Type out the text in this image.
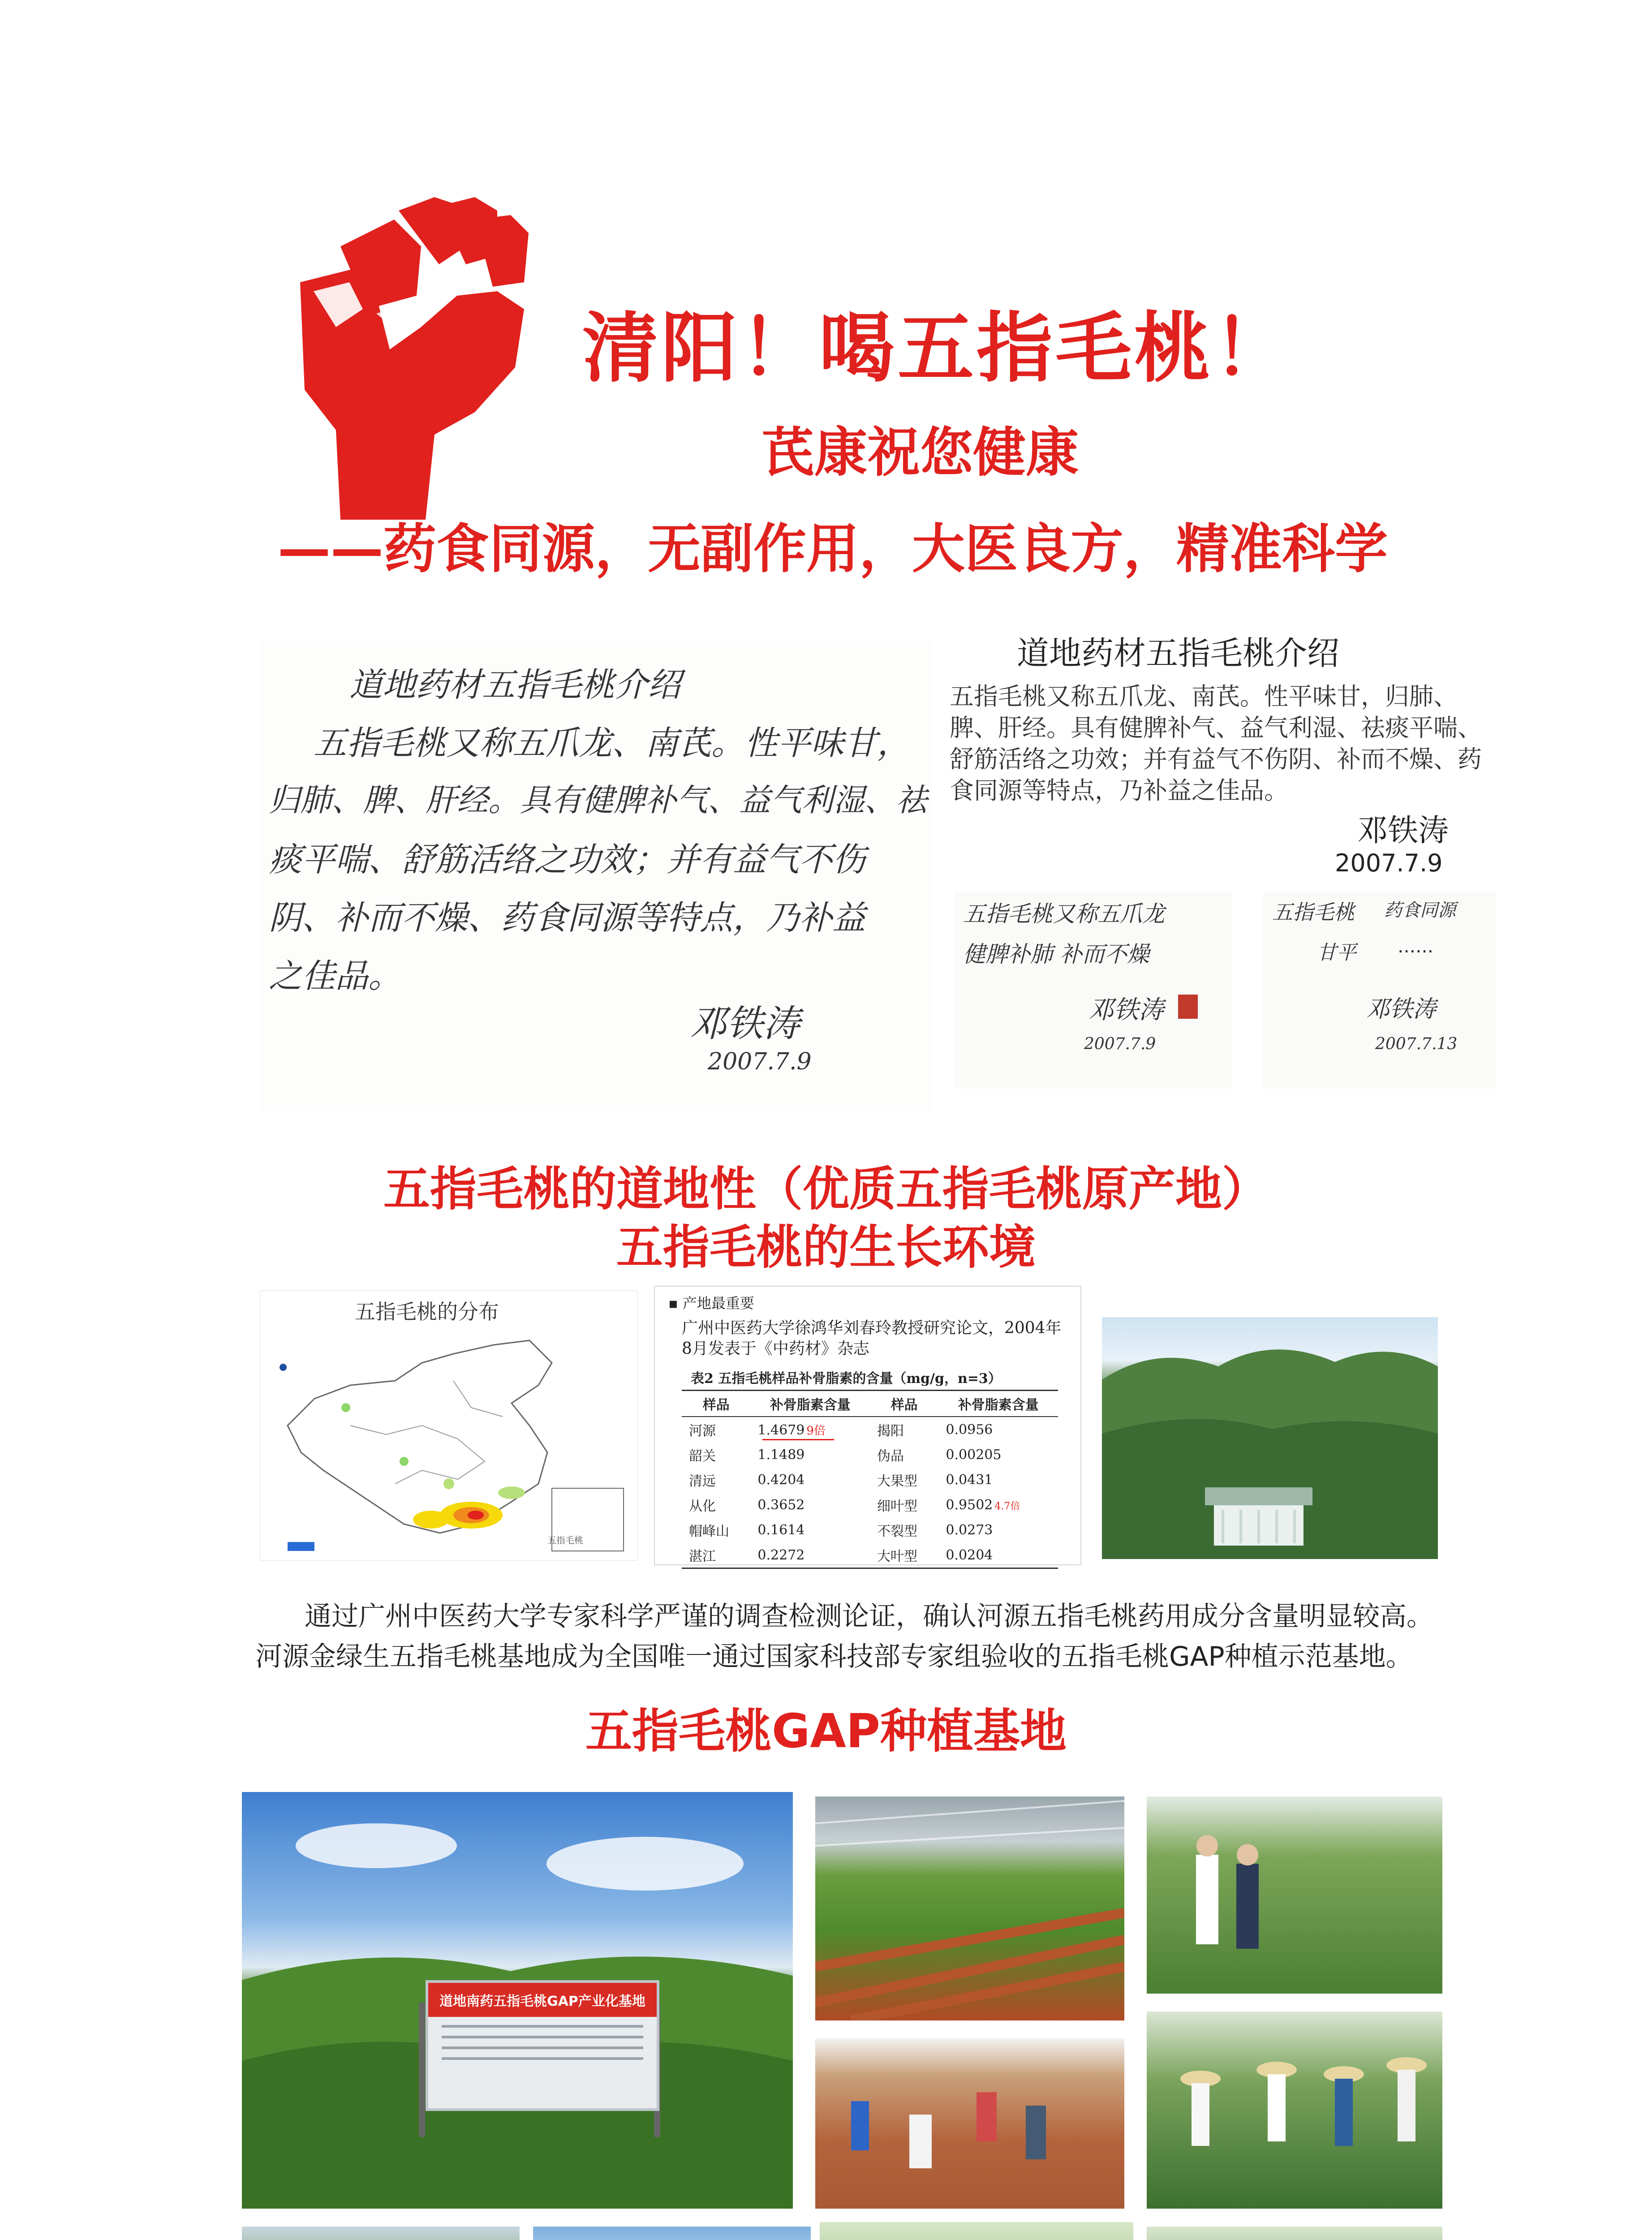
清阳！喝五指毛桃！
芪康祝您健康
——药食同源，无副作用，大医良方，精准科学
道地药材五指毛桃介绍
五指毛桃又称五爪龙、南芪。性平味甘，
归肺、脾、肝经。具有健脾补气、益气利湿、祛
痰平喘、舒筋活络之功效；并有益气不伤
阴、补而不燥、药食同源等特点，乃补益
之佳品。
邓铁涛
2007.7.9
道地药材五指毛桃介绍
五指毛桃又称五爪龙、南芪。性平味甘，归肺、脾、肝经。具有健脾补气、益气利湿、祛痰平喘、舒筋活络之功效；并有益气不伤阴、补而不燥、药食同源等特点，乃补益之佳品。
邓铁涛
2007.7.9
五指毛桃又称五爪龙
健脾补肺 补而不燥
邓铁涛
2007.7.9
五指毛桃 药食同源
甘平 ……
邓铁涛
2007.7.13
五指毛桃的道地性（优质五指毛桃原产地）
五指毛桃的生长环境
五指毛桃的分布
五指毛桃
▪ 产地最重要
广州中医药大学徐鸿华刘春玲教授研究论文，2004年8月发表于《中药材》杂志
表2 五指毛桃样品补骨脂素的含量（mg/g，n=3）
样品	补骨脂素含量	样品	补骨脂素含量
河源	1.4679 9倍	揭阳	0.0956
韶关	1.1489	伪品	0.00205
清远	0.4204	大果型	0.0431
从化	0.3652	细叶型	0.9502 4.7倍
帽峰山	0.1614	不裂型	0.0273
湛江	0.2272	大叶型	0.0204
通过广州中医药大学专家科学严谨的调查检测论证，确认河源五指毛桃药用成分含量明显较高。
河源金绿生五指毛桃基地成为全国唯一通过国家科技部专家组验收的五指毛桃GAP种植示范基地。
五指毛桃GAP种植基地
道地南药五指毛桃GAP产业化基地
